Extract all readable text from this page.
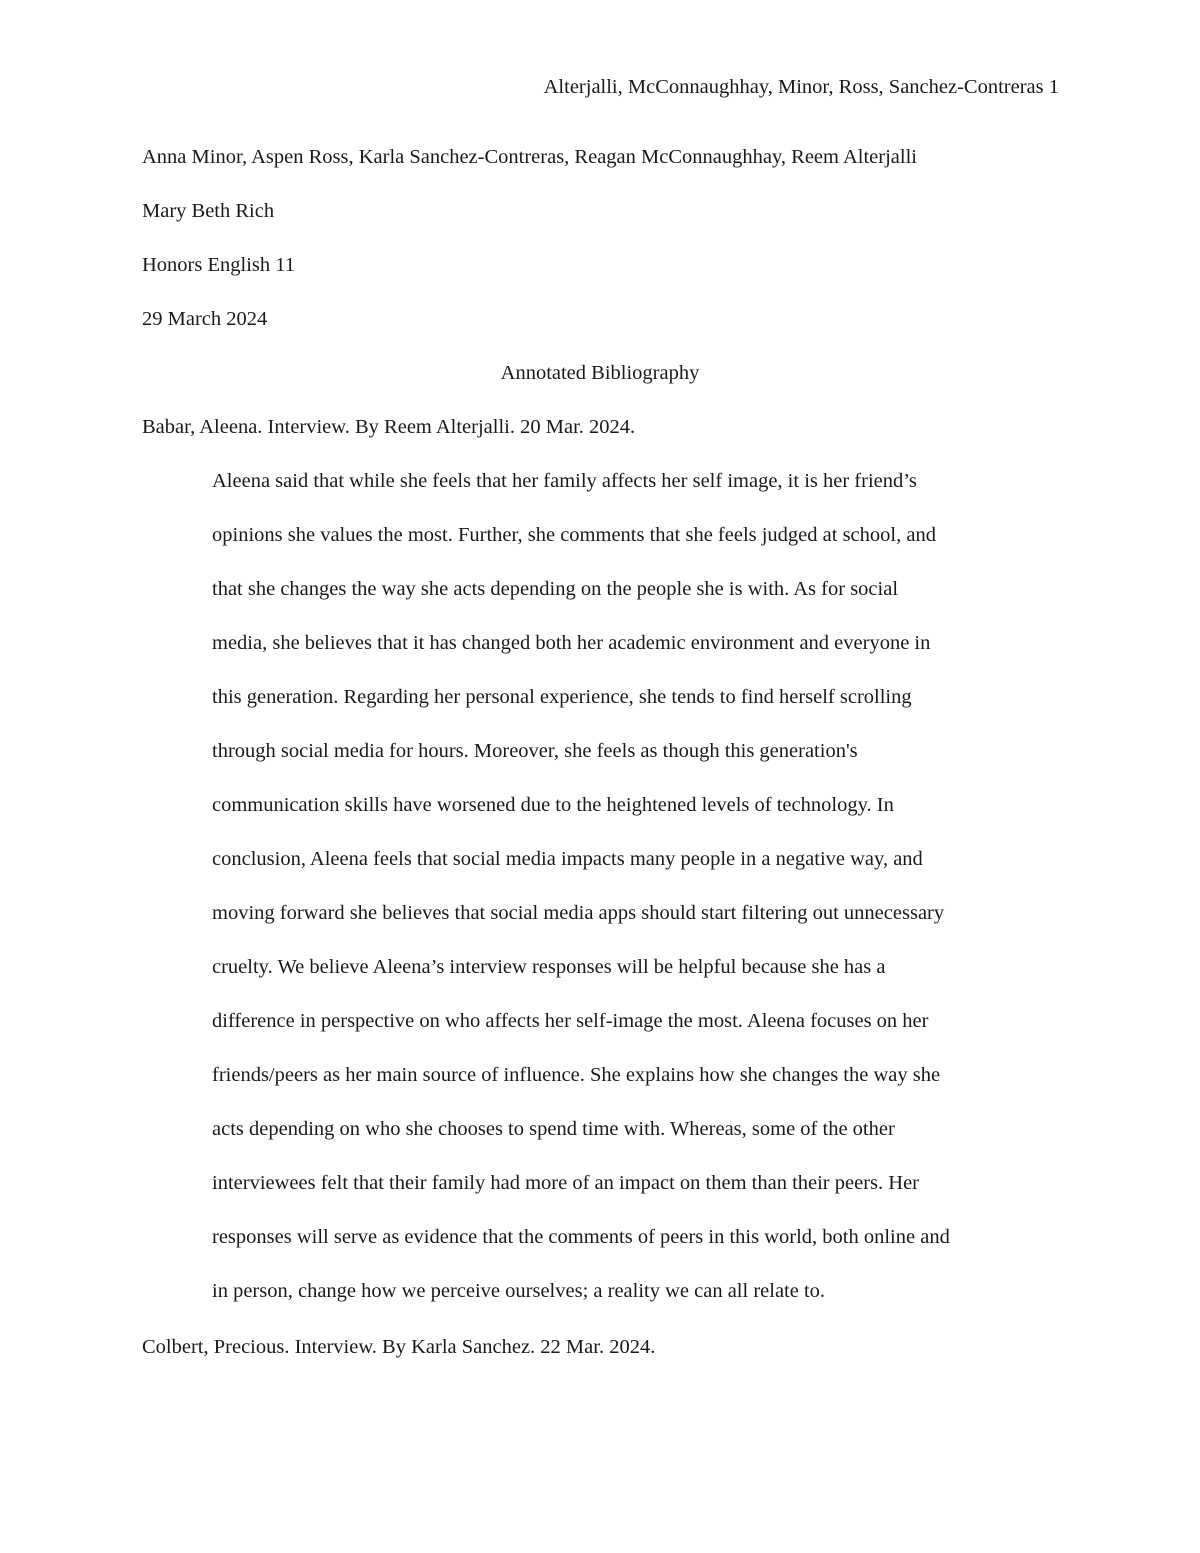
Alterjalli, McConnaughhay, Minor, Ross, Sanchez-Contreras 1
Anna Minor, Aspen Ross, Karla Sanchez-Contreras, Reagan McConnaughhay, Reem Alterjalli
Mary Beth Rich
Honors English 11
29 March 2024
Annotated Bibliography
Babar, Aleena. Interview. By Reem Alterjalli. 20 Mar. 2024.
Aleena said that while she feels that her family affects her self image, it is her friend’s
opinions she values the most. Further, she comments that she feels judged at school, and
that she changes the way she acts depending on the people she is with. As for social
media, she believes that it has changed both her academic environment and everyone in
this generation. Regarding her personal experience, she tends to find herself scrolling
through social media for hours. Moreover, she feels as though this generation's
communication skills have worsened due to the heightened levels of technology. In
conclusion, Aleena feels that social media impacts many people in a negative way, and
moving forward she believes that social media apps should start filtering out unnecessary
cruelty. We believe Aleena’s interview responses will be helpful because she has a
difference in perspective on who affects her self-image the most. Aleena focuses on her
friends/peers as her main source of influence. She explains how she changes the way she
acts depending on who she chooses to spend time with. Whereas, some of the other
interviewees felt that their family had more of an impact on them than their peers. Her
responses will serve as evidence that the comments of peers in this world, both online and
in person, change how we perceive ourselves; a reality we can all relate to.
Colbert, Precious. Interview. By Karla Sanchez. 22 Mar. 2024.
